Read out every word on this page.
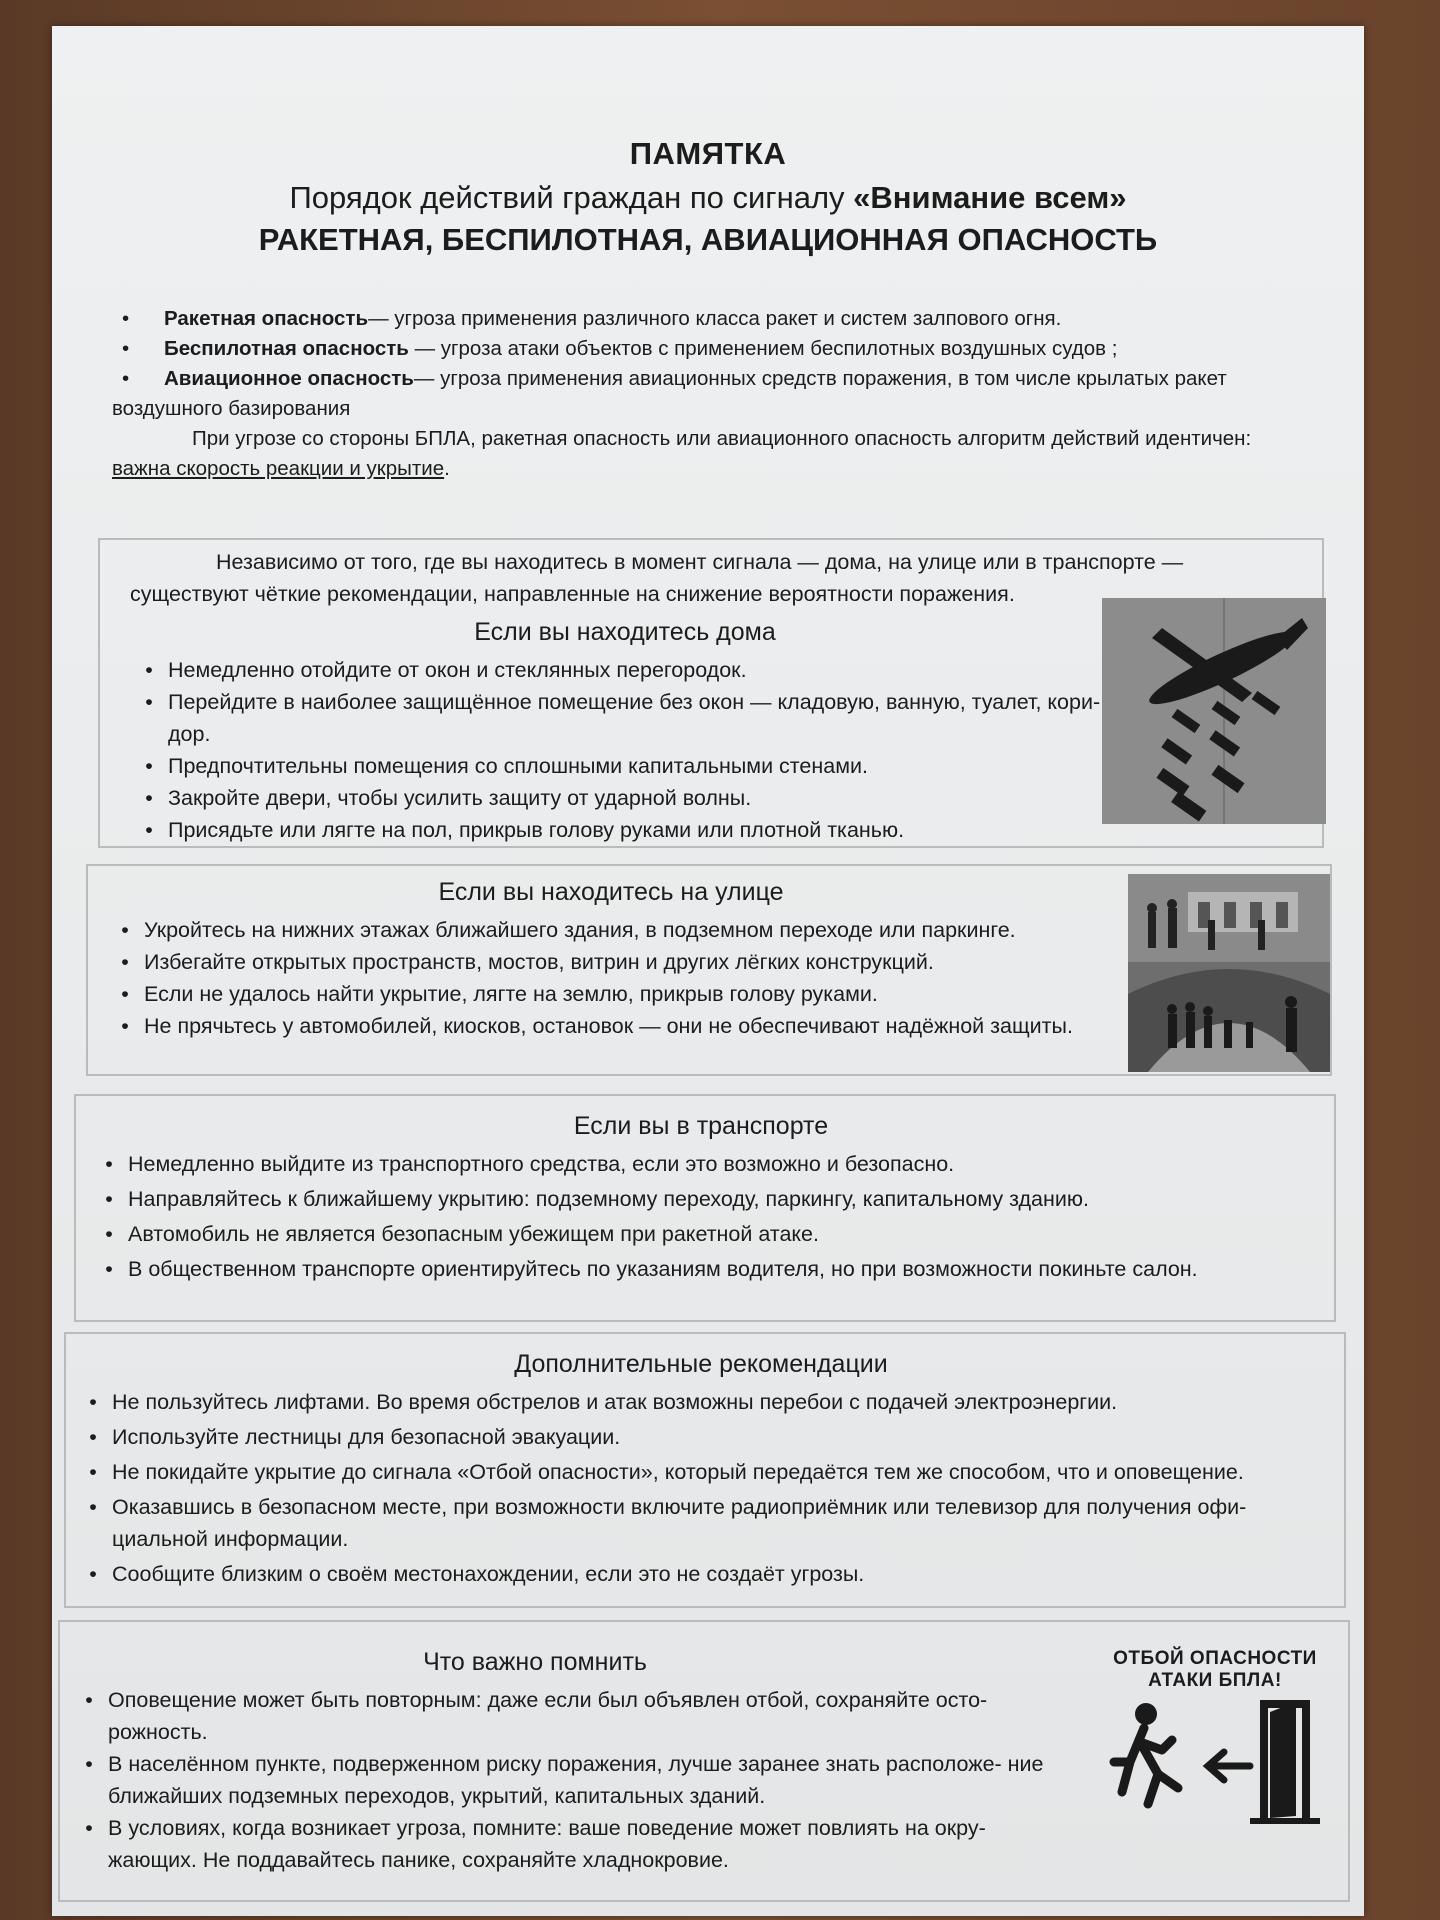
ПАМЯТКА
Порядок действий граждан по сигналу «Внимание всем»
РАКЕТНАЯ, БЕСПИЛОТНАЯ, АВИАЦИОННАЯ ОПАСНОСТЬ
•	Ракетная опасность— угроза применения различного класса ракет и систем залпового огня.
•	Беспилотная опасность — угроза атаки объектов с применением беспилотных воздушных судов ;
•	Авиационное опасность— угроза применения авиационных средств поражения, в том числе крылатых ракет
воздушного базирования
При угрозе со стороны БПЛА, ракетная опасность или авиационного опасность алгоритм действий идентичен:
важна скорость реакции и укрытие.
Независимо от того, где вы находитесь в момент сигнала — дома, на улице или в транспорте — существуют чёткие рекомендации, направленные на снижение вероятности поражения.
Если вы находитесь дома
• Немедленно отойдите от окон и стеклянных перегородок.
• Перейдите в наиболее защищённое помещение без окон — кладовую, ванную, туалет, кори- дор.
• Предпочтительны помещения со сплошными капитальными стенами.
• Закройте двери, чтобы усилить защиту от ударной волны.
• Присядьте или лягте на пол, прикрыв голову руками или плотной тканью.
Если вы находитесь на улице
• Укройтесь на нижних этажах ближайшего здания, в подземном переходе или паркинге.
• Избегайте открытых пространств, мостов, витрин и других лёгких конструкций.
• Если не удалось найти укрытие, лягте на землю, прикрыв голову руками.
• Не прячьтесь у автомобилей, киосков, остановок — они не обеспечивают надёжной защиты.
Если вы в транспорте
• Немедленно выйдите из транспортного средства, если это возможно и безопасно.
• Направляйтесь к ближайшему укрытию: подземному переходу, паркингу, капитальному зданию.
• Автомобиль не является безопасным убежищем при ракетной атаке.
• В общественном транспорте ориентируйтесь по указаниям водителя, но при возможности покиньте салон.
Дополнительные рекомендации
• Не пользуйтесь лифтами. Во время обстрелов и атак возможны перебои с подачей электроэнергии.
• Используйте лестницы для безопасной эвакуации.
• Не покидайте укрытие до сигнала «Отбой опасности», который передаётся тем же способом, что и оповещение.
• Оказавшись в безопасном месте, при возможности включите радиоприёмник или телевизор для получения офи- циальной информации.
• Сообщите близким о своём местонахождении, если это не создаёт угрозы.
Что важно помнить
• Оповещение может быть повторным: даже если был объявлен отбой, сохраняйте осто- рожность.
• В населённом пункте, подверженном риску поражения, лучше заранее знать расположе- ние ближайших подземных переходов, укрытий, капитальных зданий.
• В условиях, когда возникает угроза, помните: ваше поведение может повлиять на окру- жающих. Не поддавайтесь панике, сохраняйте хладнокровие.
ОТБОЙ ОПАСНОСТИ
АТАКИ БПЛА!
